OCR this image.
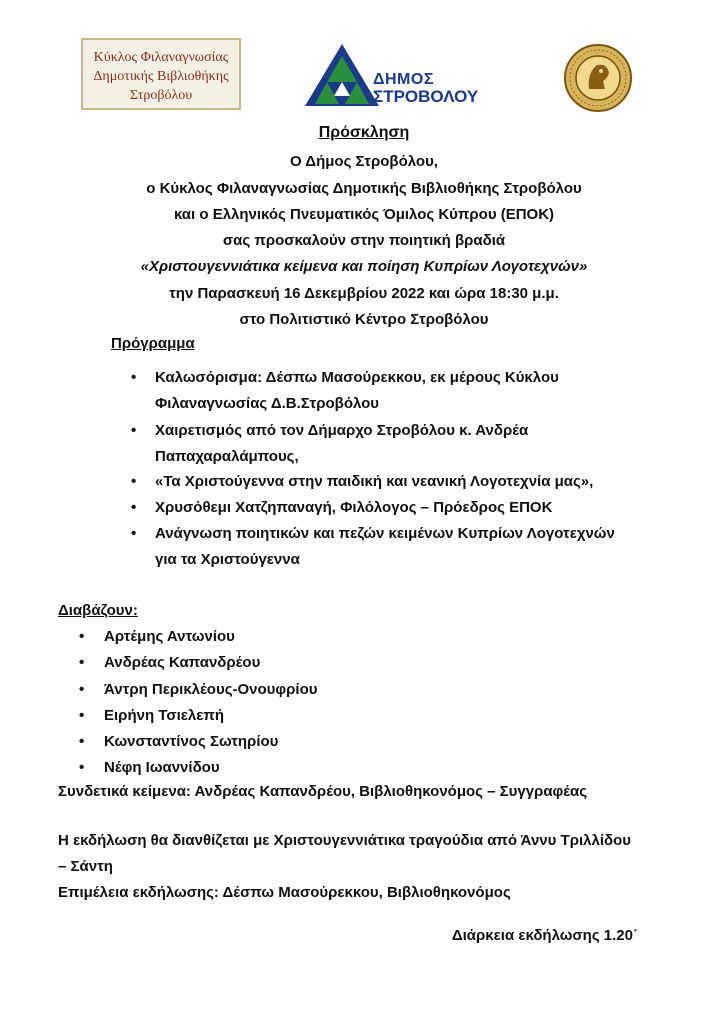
Κύκλος Φιλαναγνωσίας
Δημοτικής Βιβλιοθήκης
Στροβόλου
ΔΗΜΟΣ
ΣΤΡΟΒΟΛΟΥ
Πρόσκληση
Ο Δήμος Στροβόλου,
ο Κύκλος Φιλαναγνωσίας Δημοτικής Βιβλιοθήκης Στροβόλου
και ο Ελληνικός Πνευματικός Όμιλος Κύπρου (ΕΠΟΚ)
σας προσκαλούν στην ποιητική βραδιά
«Χριστουγεννιάτικα κείμενα και ποίηση Κυπρίων Λογοτεχνών»
την Παρασκευή 16 Δεκεμβρίου 2022 και ώρα 18:30 μ.μ.
στο Πολιτιστικό Κέντρο Στροβόλου
Πρόγραμμα
• Καλωσόρισμα: Δέσπω Μασούρεκκου, εκ μέρους Κύκλου
Φιλαναγνωσίας Δ.Β.Στροβόλου
• Χαιρετισμός από τον Δήμαρχο Στροβόλου κ. Ανδρέα
Παπαχαραλάμπους,
• «Τα Χριστούγεννα στην παιδική και νεανική Λογοτεχνία μας»,
• Χρυσόθεμι Χατζηπαναγή, Φιλόλογος – Πρόεδρος ΕΠΟΚ
• Ανάγνωση ποιητικών και πεζών κειμένων Κυπρίων Λογοτεχνών
για τα Χριστούγεννα
Διαβάζουν:
• Αρτέμης Αντωνίου
• Ανδρέας Καπανδρέου
• Άντρη Περικλέους-Ονουφρίου
• Ειρήνη Τσιελεπή
• Κωνσταντίνος Σωτηρίου
• Νέφη Ιωαννίδου
Συνδετικά κείμενα: Ανδρέας Καπανδρέου, Βιβλιοθηκονόμος – Συγγραφέας
Η εκδήλωση θα διανθίζεται με Χριστουγεννιάτικα τραγούδια από Άννυ Τριλλίδου
– Σάντη
Επιμέλεια εκδήλωσης: Δέσπω Μασούρεκκου, Βιβλιοθηκονόμος
Διάρκεια εκδήλωσης 1.20΄
